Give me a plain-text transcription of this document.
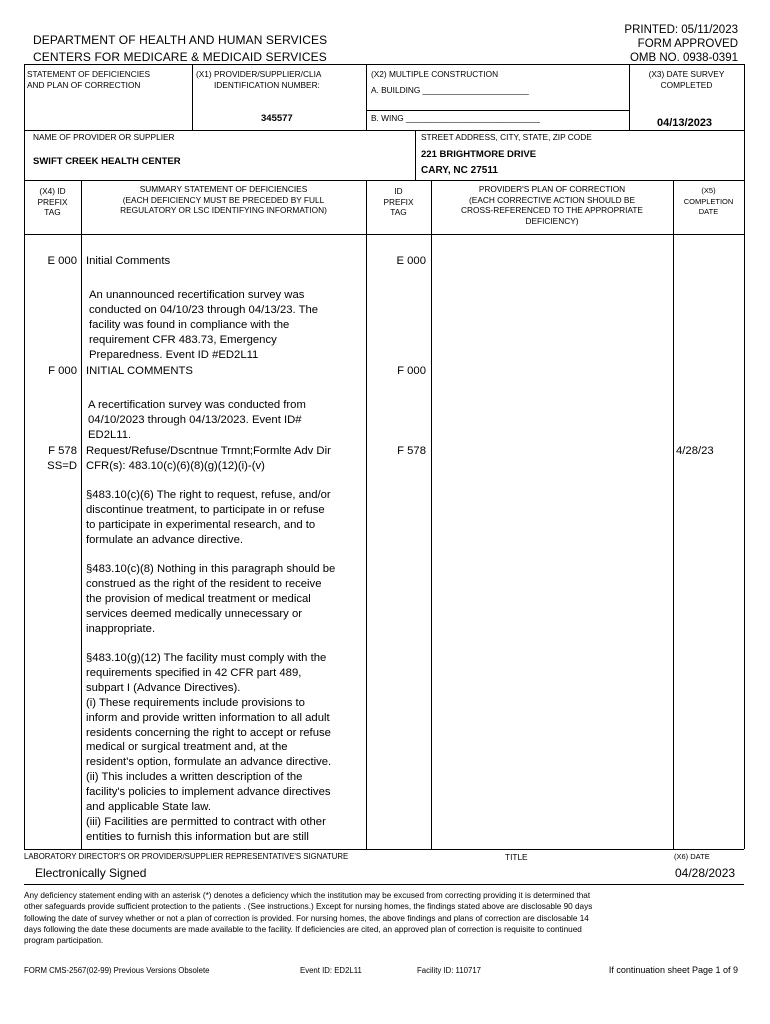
DEPARTMENT OF HEALTH AND HUMAN SERVICES
CENTERS FOR MEDICARE & MEDICAID SERVICES
PRINTED: 05/11/2023
FORM APPROVED
OMB NO. 0938-0391
STATEMENT OF DEFICIENCIES
AND PLAN OF CORRECTION
(X1) PROVIDER/SUPPLIER/CLIA
IDENTIFICATION NUMBER:
345577
(X2) MULTIPLE CONSTRUCTION
A. BUILDING _______________________
B. WING _____________________________
(X3) DATE SURVEY
COMPLETED
04/13/2023
NAME OF PROVIDER OR SUPPLIER
SWIFT CREEK HEALTH CENTER
STREET ADDRESS, CITY, STATE, ZIP CODE
221 BRIGHTMORE DRIVE
CARY, NC 27511
(X4) ID
PREFIX
TAG
SUMMARY STATEMENT OF DEFICIENCIES
(EACH DEFICIENCY MUST BE PRECEDED BY FULL
REGULATORY OR LSC IDENTIFYING INFORMATION)
ID
PREFIX
TAG
PROVIDER'S PLAN OF CORRECTION
(EACH CORRECTIVE ACTION SHOULD BE
CROSS-REFERENCED TO THE APPROPRIATE
DEFICIENCY)
(X5)
COMPLETION
DATE
E 000 Initial Comments	E 000
An unannounced recertification survey was
conducted on 04/10/23 through 04/13/23. The
facility was found in compliance with the
requirement CFR 483.73, Emergency
Preparedness. Event ID #ED2L11
F 000 INITIAL COMMENTS	F 000
A recertification survey was conducted from
04/10/2023 through 04/13/2023. Event ID#
ED2L11.
F 578
SS=D
Request/Refuse/Dscntnue Trmnt;Formlte Adv Dir
CFR(s): 483.10(c)(6)(8)(g)(12)(i)-(v)
F 578	4/28/23
§483.10(c)(6) The right to request, refuse, and/or
discontinue treatment, to participate in or refuse
to participate in experimental research, and to
formulate an advance directive.
§483.10(c)(8) Nothing in this paragraph should be
construed as the right of the resident to receive
the provision of medical treatment or medical
services deemed medically unnecessary or
inappropriate.
§483.10(g)(12) The facility must comply with the
requirements specified in 42 CFR part 489,
subpart I (Advance Directives).
(i) These requirements include provisions to
inform and provide written information to all adult
residents concerning the right to accept or refuse
medical or surgical treatment and, at the
resident's option, formulate an advance directive.
(ii) This includes a written description of the
facility's policies to implement advance directives
and applicable State law.
(iii) Facilities are permitted to contract with other
entities to furnish this information but are still
LABORATORY DIRECTOR'S OR PROVIDER/SUPPLIER REPRESENTATIVE'S SIGNATURE
Electronically Signed
TITLE	(X6) DATE
04/28/2023
Any deficiency statement ending with an asterisk (*) denotes a deficiency which the institution may be excused from correcting providing it is determined that
other safeguards provide sufficient protection to the patients . (See instructions.) Except for nursing homes, the findings stated above are disclosable 90 days
following the date of survey whether or not a plan of correction is provided. For nursing homes, the above findings and plans of correction are disclosable 14
days following the date these documents are made available to the facility. If deficiencies are cited, an approved plan of correction is requisite to continued
program participation.
FORM CMS-2567(02-99) Previous Versions Obsolete	Event ID: ED2L11	Facility ID: 110717	If continuation sheet Page 1 of 9
